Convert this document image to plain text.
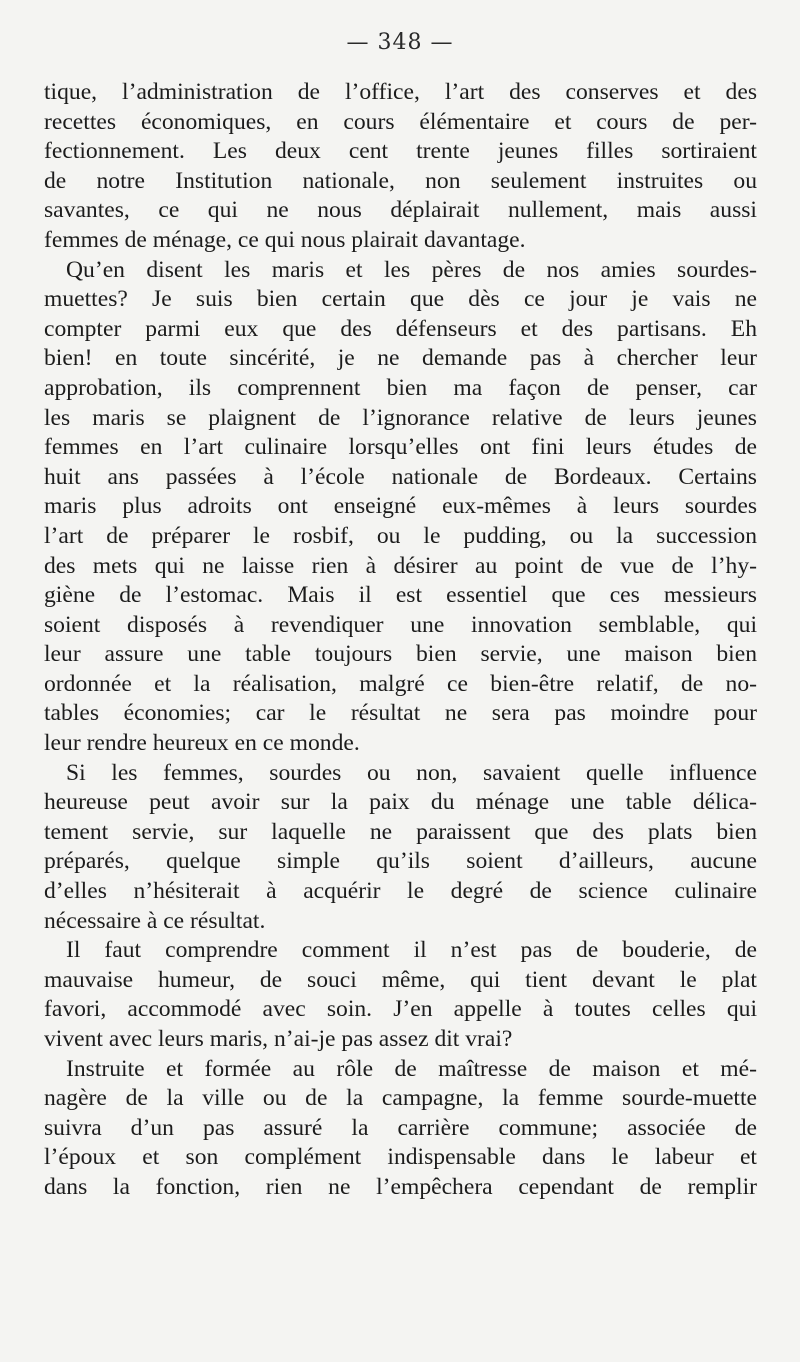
— 348 —
tique, l’administration de l’office, l’art des conserves et des
recettes économiques, en cours élémentaire et cours de per-
fectionnement. Les deux cent trente jeunes filles sortiraient
de notre Institution nationale, non seulement instruites ou
savantes, ce qui ne nous déplairait nullement, mais aussi
femmes de ménage, ce qui nous plairait davantage.
Qu’en disent les maris et les pères de nos amies sourdes-
muettes? Je suis bien certain que dès ce jour je vais ne
compter parmi eux que des défenseurs et des partisans. Eh
bien! en toute sincérité, je ne demande pas à chercher leur
approbation, ils comprennent bien ma façon de penser, car
les maris se plaignent de l’ignorance relative de leurs jeunes
femmes en l’art culinaire lorsqu’elles ont fini leurs études de
huit ans passées à l’école nationale de Bordeaux. Certains
maris plus adroits ont enseigné eux-mêmes à leurs sourdes
l’art de préparer le rosbif, ou le pudding, ou la succession
des mets qui ne laisse rien à désirer au point de vue de l’hy-
giène de l’estomac. Mais il est essentiel que ces messieurs
soient disposés à revendiquer une innovation semblable, qui
leur assure une table toujours bien servie, une maison bien
ordonnée et la réalisation, malgré ce bien-être relatif, de no-
tables économies; car le résultat ne sera pas moindre pour
leur rendre heureux en ce monde.
Si les femmes, sourdes ou non, savaient quelle influence
heureuse peut avoir sur la paix du ménage une table délica-
tement servie, sur laquelle ne paraissent que des plats bien
préparés, quelque simple qu’ils soient d’ailleurs, aucune
d’elles n’hésiterait à acquérir le degré de science culinaire
nécessaire à ce résultat.
Il faut comprendre comment il n’est pas de bouderie, de
mauvaise humeur, de souci même, qui tient devant le plat
favori, accommodé avec soin. J’en appelle à toutes celles qui
vivent avec leurs maris, n’ai-je pas assez dit vrai?
Instruite et formée au rôle de maîtresse de maison et mé-
nagère de la ville ou de la campagne, la femme sourde-muette
suivra d’un pas assuré la carrière commune; associée de
l’époux et son complément indispensable dans le labeur et
dans la fonction, rien ne l’empêchera cependant de remplir
